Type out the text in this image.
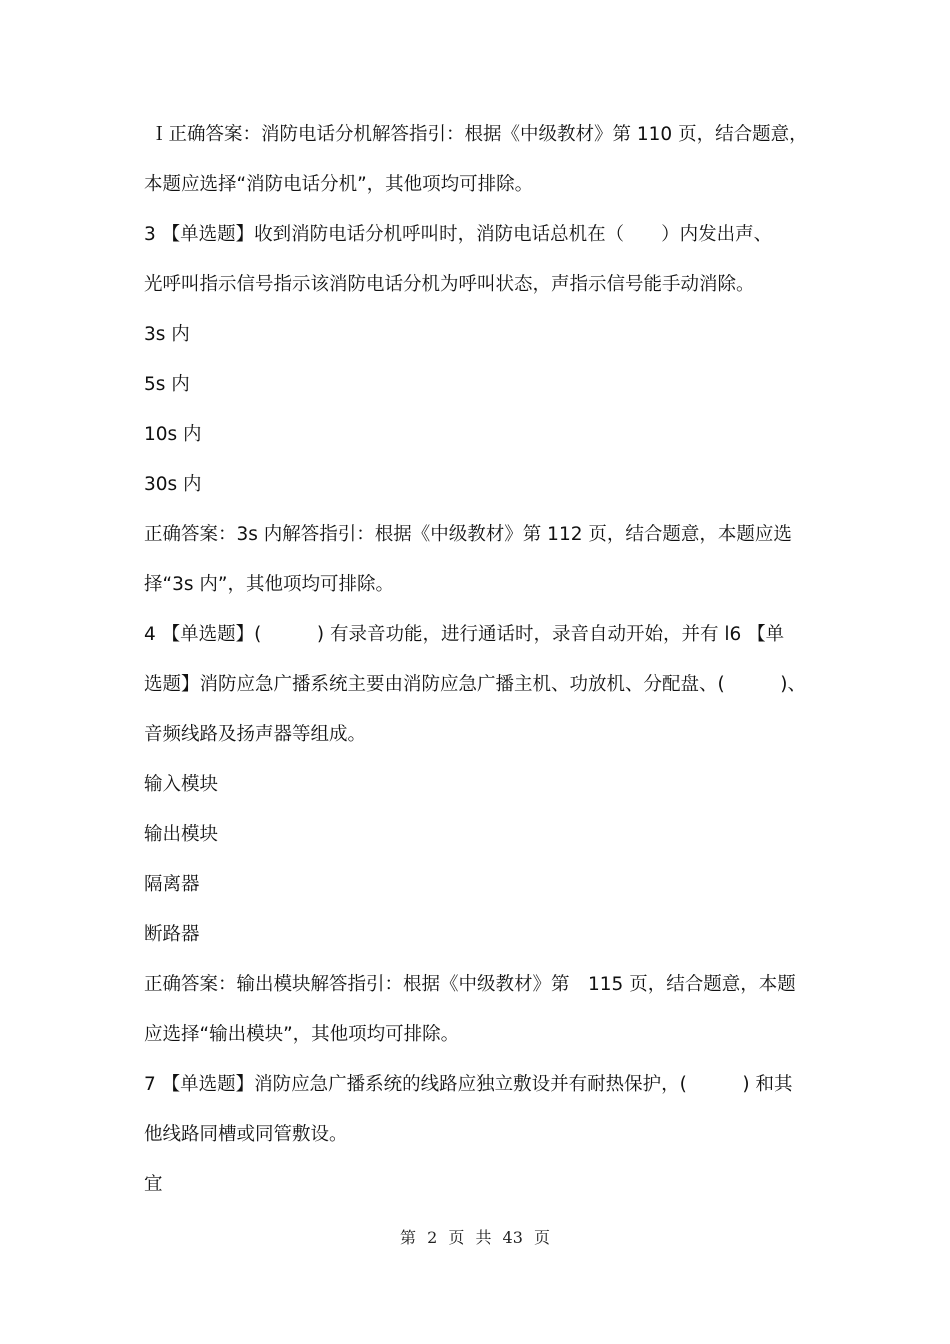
Ｉ正确答案：消防电话分机解答指引：根据《中级教材》第 110 页，结合题意，
本题应选择“消防电话分机”，其他项均可排除。
3 【单选题】收到消防电话分机呼叫时，消防电话总机在（　　）内发出声、
光呼叫指示信号指示该消防电话分机为呼叫状态，声指示信号能手动消除。
3s 内
5s 内
10s 内
30s 内
正确答案：3s 内解答指引：根据《中级教材》第 112 页，结合题意，本题应选
择“3s 内”，其他项均可排除。
4 【单选题】(　　　) 有录音功能，进行通话时，录音自动开始，并有 l6 【单
选题】消防应急广播系统主要由消防应急广播主机、功放机、分配盘、(　　　)、
音频线路及扬声器等组成。
输入模块
输出模块
隔离器
断路器
正确答案：输出模块解答指引：根据《中级教材》第　115 页，结合题意，本题
应选择“输出模块”，其他项均可排除。
7 【单选题】消防应急广播系统的线路应独立敷设并有耐热保护，(　　　) 和其
他线路同槽或同管敷设。
宜
第 2 页 共 43 页
